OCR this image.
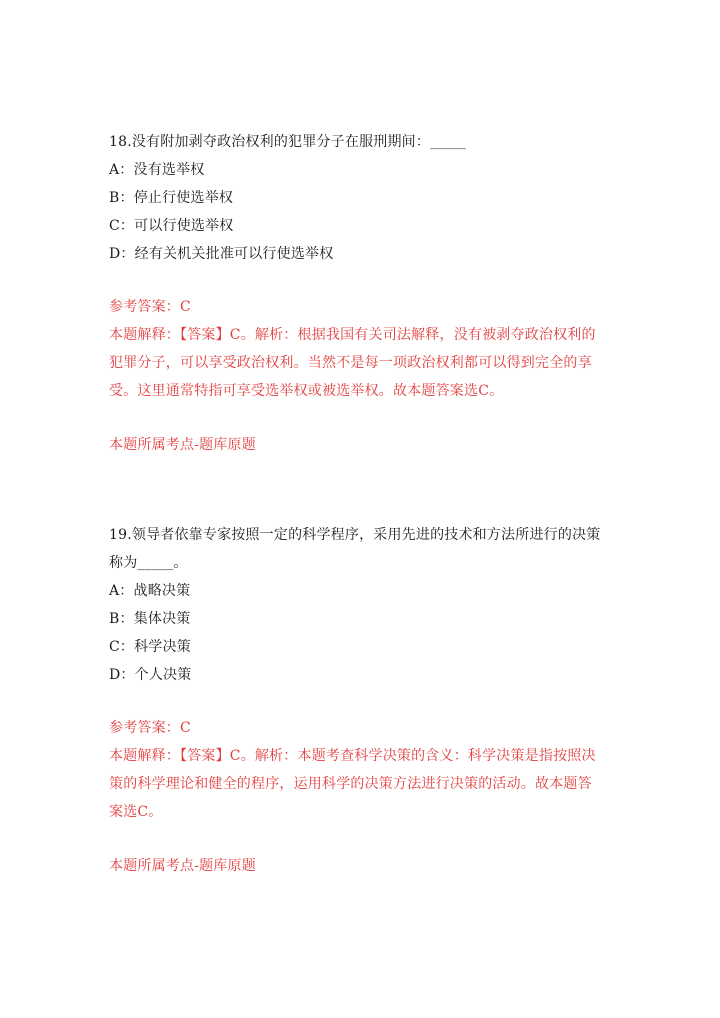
18.没有附加剥夺政治权利的犯罪分子在服刑期间：_____
A：没有选举权
B：停止行使选举权
C：可以行使选举权
D：经有关机关批准可以行使选举权
参考答案：C
本题解释：【答案】C。解析：根据我国有关司法解释，没有被剥夺政治权利的
犯罪分子，可以享受政治权利。当然不是每一项政治权利都可以得到完全的享
受。这里通常特指可享受选举权或被选举权。故本题答案选C。
本题所属考点-题库原题
19.领导者依靠专家按照一定的科学程序，采用先进的技术和方法所进行的决策
称为_____。
A：战略决策
B：集体决策
C：科学决策
D：个人决策
参考答案：C
本题解释：【答案】C。解析：本题考查科学决策的含义：科学决策是指按照决
策的科学理论和健全的程序，运用科学的决策方法进行决策的活动。故本题答
案选C。
本题所属考点-题库原题
